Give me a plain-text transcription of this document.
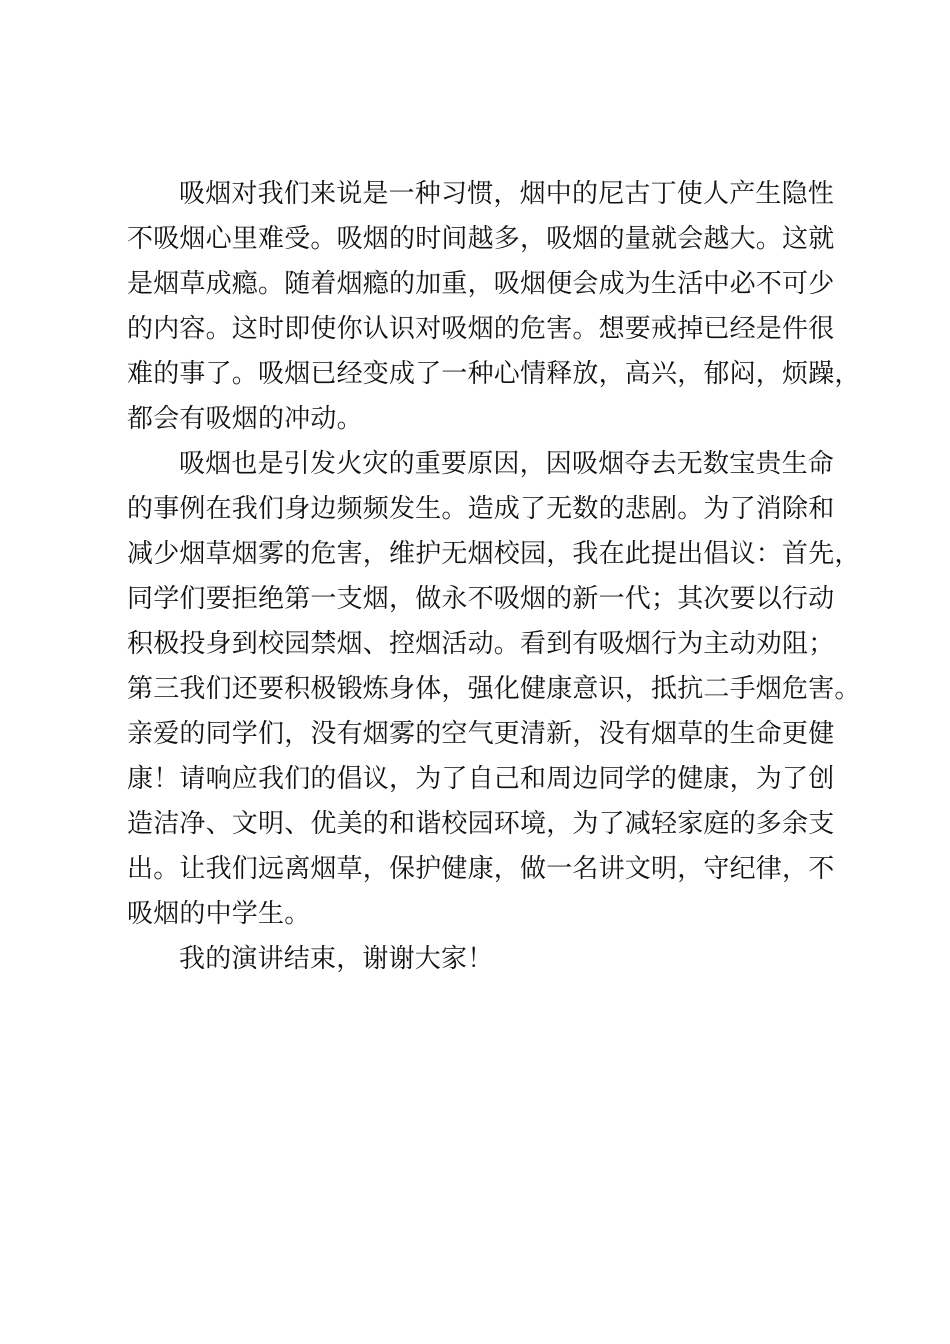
吸烟对我们来说是一种习惯，烟中的尼古丁使人产生隐性
不吸烟心里难受。吸烟的时间越多，吸烟的量就会越大。这就
是烟草成瘾。随着烟瘾的加重，吸烟便会成为生活中必不可少
的内容。这时即使你认识对吸烟的危害。想要戒掉已经是件很
难的事了。吸烟已经变成了一种心情释放，高兴，郁闷，烦躁，
都会有吸烟的冲动。
吸烟也是引发火灾的重要原因，因吸烟夺去无数宝贵生命
的事例在我们身边频频发生。造成了无数的悲剧。为了消除和
减少烟草烟雾的危害，维护无烟校园，我在此提出倡议：首先，
同学们要拒绝第一支烟，做永不吸烟的新一代；其次要以行动
积极投身到校园禁烟、控烟活动。看到有吸烟行为主动劝阻；
第三我们还要积极锻炼身体，强化健康意识，抵抗二手烟危害。
亲爱的同学们，没有烟雾的空气更清新，没有烟草的生命更健
康！请响应我们的倡议，为了自己和周边同学的健康，为了创
造洁净、文明、优美的和谐校园环境，为了减轻家庭的多余支
出。让我们远离烟草，保护健康，做一名讲文明，守纪律，不
吸烟的中学生。
我的演讲结束，谢谢大家！
